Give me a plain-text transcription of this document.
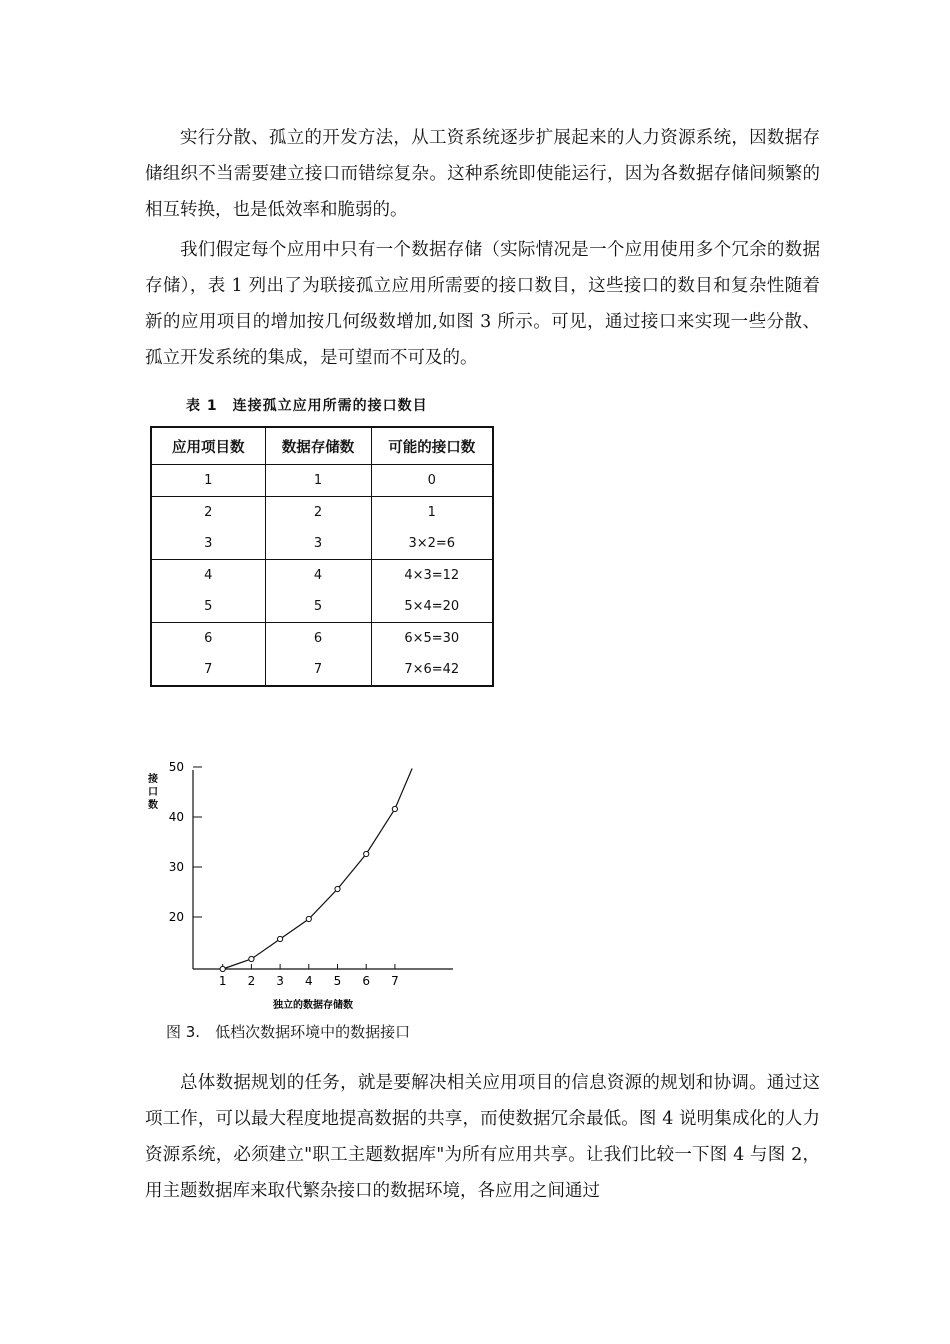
实行分散、孤立的开发方法，从工资系统逐步扩展起来的人力资源系统，因数据存储组织不当需要建立接口而错综复杂。这种系统即使能运行，因为各数据存储间频繁的相互转换，也是低效率和脆弱的。

我们假定每个应用中只有一个数据存储（实际情况是一个应用使用多个冗余的数据存储），表 1 列出了为联接孤立应用所需要的接口数目，这些接口的数目和复杂性随着新的应用项目的增加按几何级数增加,如图 3 所示。可见，通过接口来实现一些分散、孤立开发系统的集成，是可望而不可及的。

表 1　连接孤立应用所需的接口数目
应用项目数	数据存储数	可能的接口数
1	1	0
2	2	1
3	3	3×2=6
4	4	4×3=12
5	5	5×4=20
6	6	6×5=30
7	7	7×6=42
接
口
数
20
30
40
50
1 2 3 4 5 6 7
独立的数据存储数
图 3.　低档次数据环境中的数据接口

总体数据规划的任务，就是要解决相关应用项目的信息资源的规划和协调。通过这项工作，可以最大程度地提高数据的共享，而使数据冗余最低。图 4 说明集成化的人力资源系统，必须建立"职工主题数据库"为所有应用共享。让我们比较一下图 4 与图 2，用主题数据库来取代繁杂接口的数据环境，各应用之间通过
